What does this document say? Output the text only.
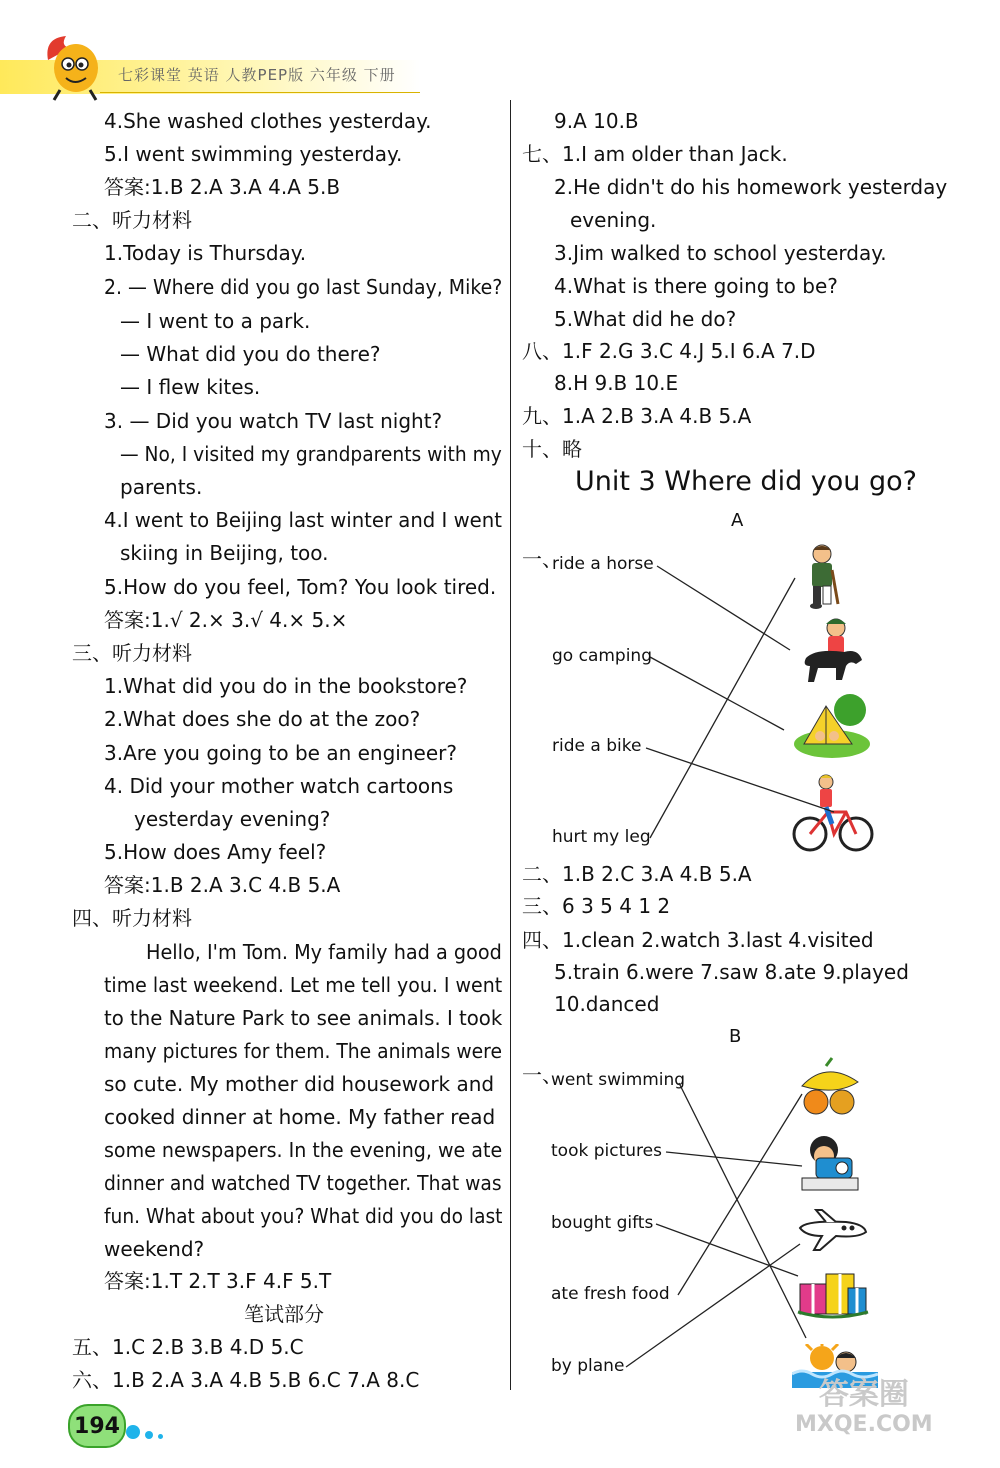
七彩课堂 英语 人教PEP版 六年级 下册
4.She washed clothes yesterday.
5.I went swimming yesterday.
答案:1.B 2.A 3.A 4.A 5.B
二、听力材料
1.Today is Thursday.
2. — Where did you go last Sunday, Mike?
— I went to a park.
— What did you do there?
— I flew kites.
3. — Did you watch TV last night?
— No, I visited my grandparents with my
parents.
4.I went to Beijing last winter and I went
skiing in Beijing, too.
5.How do you feel, Tom? You look tired.
答案:1.√ 2.× 3.√ 4.× 5.×
三、听力材料
1.What did you do in the bookstore?
2.What does she do at the zoo?
3.Are you going to be an engineer?
4. Did your mother watch cartoons
yesterday evening?
5.How does Amy feel?
答案:1.B 2.A 3.C 4.B 5.A
四、听力材料
Hello, I'm Tom. My family had a good
time last weekend. Let me tell you. I went
to the Nature Park to see animals. I took
many pictures for them. The animals were
so cute. My mother did housework and
cooked dinner at home. My father read
some newspapers. In the evening, we ate
dinner and watched TV together. That was
fun. What about you? What did you do last
weekend?
答案:1.T 2.T 3.F 4.F 5.T
笔试部分
五、1.C 2.B 3.B 4.D 5.C
六、1.B 2.A 3.A 4.B 5.B 6.C 7.A 8.C
9.A 10.B
七、1.I am older than Jack.
2.He didn't do his homework yesterday
evening.
3.Jim walked to school yesterday.
4.What is there going to be?
5.What did he do?
八、1.F 2.G 3.C 4.J 5.I 6.A 7.D
8.H 9.B 10.E
九、1.A 2.B 3.A 4.B 5.A
十、略
二、1.B 2.C 3.A 4.B 5.A
三、6 3 5 4 1 2
四、1.clean 2.watch 3.last 4.visited
5.train 6.were 7.saw 8.ate 9.played
10.danced
Unit 3 Where did you go?
A
B
一、
ride a horse
go camping
ride a bike
hurt my leg
一、
went swimming
took pictures
bought gifts
ate fresh food
by plane
194
答案圈
MXQE.COM
